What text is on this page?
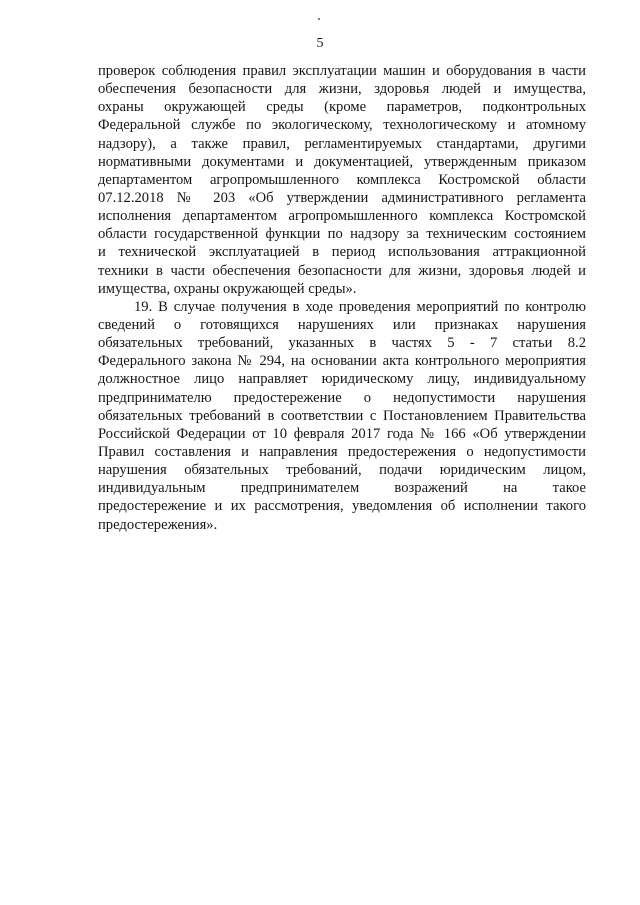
5
проверок соблюдения правил эксплуатации машин и оборудования в части
обеспечения безопасности для жизни, здоровья людей и имущества,
охраны окружающей среды (кроме параметров, подконтрольных
Федеральной службе по экологическому, технологическому и атомному
надзору), а также правил, регламентируемых стандартами, другими
нормативными документами и документацией, утвержденным приказом
департаментом агропромышленного комплекса Костромской области
07.12.2018 № 203 «Об утверждении административного регламента
исполнения департаментом агропромышленного комплекса Костромской
области государственной функции по надзору за техническим состоянием
и технической эксплуатацией в период использования аттракционной
техники в части обеспечения безопасности для жизни, здоровья людей и
имущества, охраны окружающей среды».
19. В случае получения в ходе проведения мероприятий по контролю
сведений о готовящихся нарушениях или признаках нарушения
обязательных требований, указанных в частях 5 - 7 статьи 8.2
Федерального закона № 294, на основании акта контрольного мероприятия
должностное лицо направляет юридическому лицу, индивидуальному
предпринимателю предостережение о недопустимости нарушения
обязательных требований в соответствии с Постановлением Правительства
Российской Федерации от 10 февраля 2017 года № 166 «Об утверждении
Правил составления и направления предостережения о недопустимости
нарушения обязательных требований, подачи юридическим лицом,
индивидуальным предпринимателем возражений на такое
предостережение и их рассмотрения, уведомления об исполнении такого
предостережения».
